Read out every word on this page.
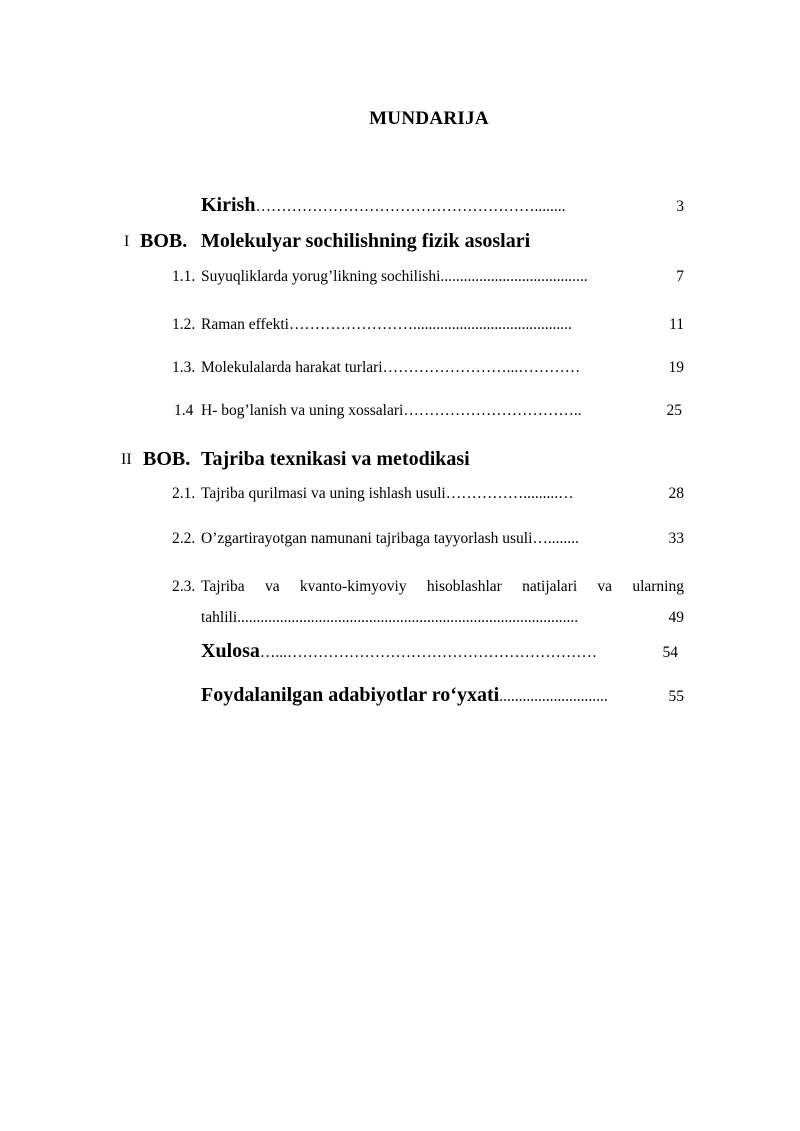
MUNDARIJA
Kirish ………………………………………………........	3
I BOB. Molekulyar sochilishning fizik asoslari
1.1. Suyuqliklarda yorug’likning sochilishi ......................................	7
1.2. Raman effekti …………………….........................................	11
1.3. Molekulalarda harakat turlari ……………………...…………	19
1.4 H- bog’lanish va uning xossalari ……………………………..	25
II BOB. Tajriba texnikasi va metodikasi
2.1. Tajriba qurilmasi va uning ishlash usuli …………….........…	28
2.2. O’zgartirayotgan namunani tajribaga tayyorlash usuli …........	33
2.3. Tajriba va kvanto-kimyoviy hisoblashlar natijalari va ularning
tahlili ........................................................................................	49
Xulosa …...……………………………………………………	54
Foydalanilgan adabiyotlar ro‘yxati ............................	55
